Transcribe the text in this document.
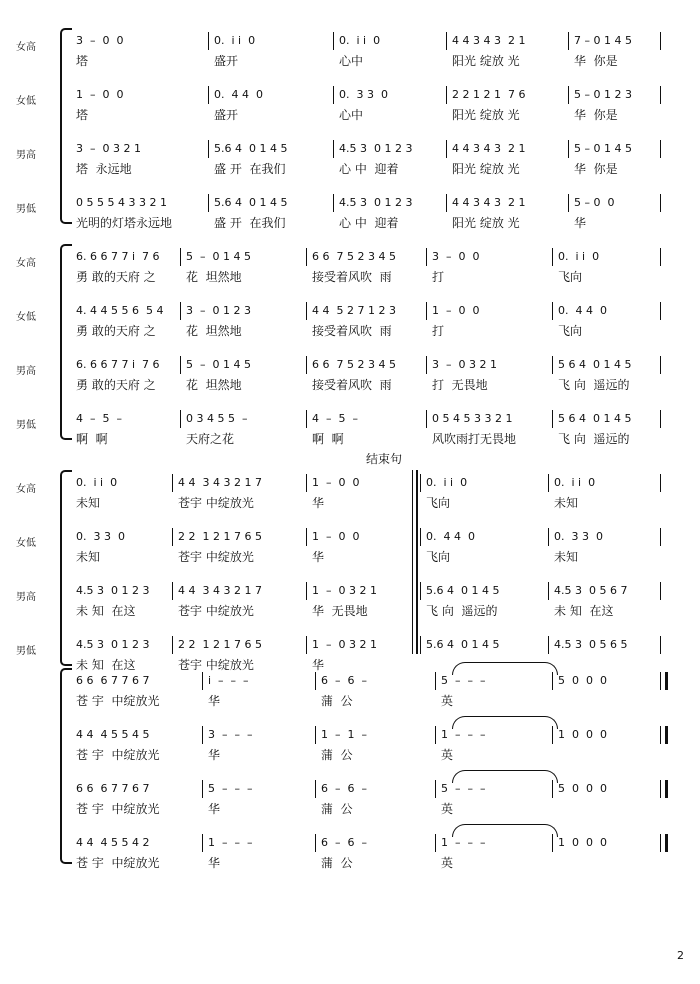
结束句
女高
3  –  0  0
塔
0.  i i  0
盛开
0.  i i  0
心中
4 4 3 4 3  2 1
阳光 绽放 光
7 – 0 1 4 5
华  你是
女低
1  –  0  0
塔
0.  4 4  0
盛开
0.  3 3  0
心中
2 2 1 2 1  7 6
阳光 绽放 光
5 – 0 1 2 3
华  你是
男高
3  –  0 3 2 1
塔  永远地
5.6 4  0 1 4 5
盛 开  在我们
4.5 3  0 1 2 3
心 中  迎着
4 4 3 4 3  2 1
阳光 绽放 光
5 – 0 1 4 5
华  你是
男低
0 5 5 5 4 3 3 2 1
光明的灯塔永远地
5.6 4  0 1 4 5
盛 开  在我们
4.5 3  0 1 2 3
心 中  迎着
4 4 3 4 3  2 1
阳光 绽放 光
5 – 0  0
华
女高
6. 6 6 7 7 i  7 6
勇 敢的天府 之
5  –  0 1 4 5
花  坦然地
6 6  7 5 2 3 4 5
接受着风吹  雨
3  –  0  0
打
0.  i i  0
飞向
女低
4. 4 4 5 5 6  5 4
勇 敢的天府 之
3  –  0 1 2 3
花  坦然地
4 4  5 2 7 1 2 3
接受着风吹  雨
1  –  0  0
打
0.  4 4  0
飞向
男高
6. 6 6 7 7 i  7 6
勇 敢的天府 之
5  –  0 1 4 5
花  坦然地
6 6  7 5 2 3 4 5
接受着风吹  雨
3  –  0 3 2 1
打  无畏地
5 6 4  0 1 4 5
飞 向  遥远的
男低
4  –  5  –
啊  啊
0 3 4 5 5  –
天府之花
4  –  5  –
啊  啊
0 5 4 5 3 3 2 1
风吹雨打无畏地
5 6 4  0 1 4 5
飞 向  遥远的
女高
0.  i i  0
未知
4 4  3 4 3 2 1 7
苍宇 中绽放光
1  –  0  0
华
0.  i i  0
飞向
0.  i i  0
未知
女低
0.  3 3  0
未知
2 2  1 2 1 7 6 5
苍宇 中绽放光
1  –  0  0
华
0.  4 4  0
飞向
0.  3 3  0
未知
男高
4.5 3  0 1 2 3
未 知  在这
4 4  3 4 3 2 1 7
苍宇 中绽放光
1  –  0 3 2 1
华  无畏地
5.6 4  0 1 4 5
飞 向  遥远的
4.5 3  0 5 6 7
未 知  在这
男低
4.5 3  0 1 2 3
未 知  在这
2 2  1 2 1 7 6 5
苍宇 中绽放光
1  –  0 3 2 1
华
5.6 4  0 1 4 5	4.5 3  0 5 6 5
6 6  6 7 7 6 7
苍 宇  中绽放光
i  –  –  –
华
6  –  6  –
蒲  公
5  –  –  –
英
5  0  0  0
4 4  4 5 5 4 5
苍 宇  中绽放光
3  –  –  –
华
1  –  1  –
蒲  公
1  –  –  –
英
1  0  0  0
6 6  6 7 7 6 7
苍 宇  中绽放光
5  –  –  –
华
6  –  6  –
蒲  公
5  –  –  –
英
5  0  0  0
4 4  4 5 5 4 2
苍 宇  中绽放光
1  –  –  –
华
6  –  6  –
蒲  公
1  –  –  –
英
1  0  0  0
2
